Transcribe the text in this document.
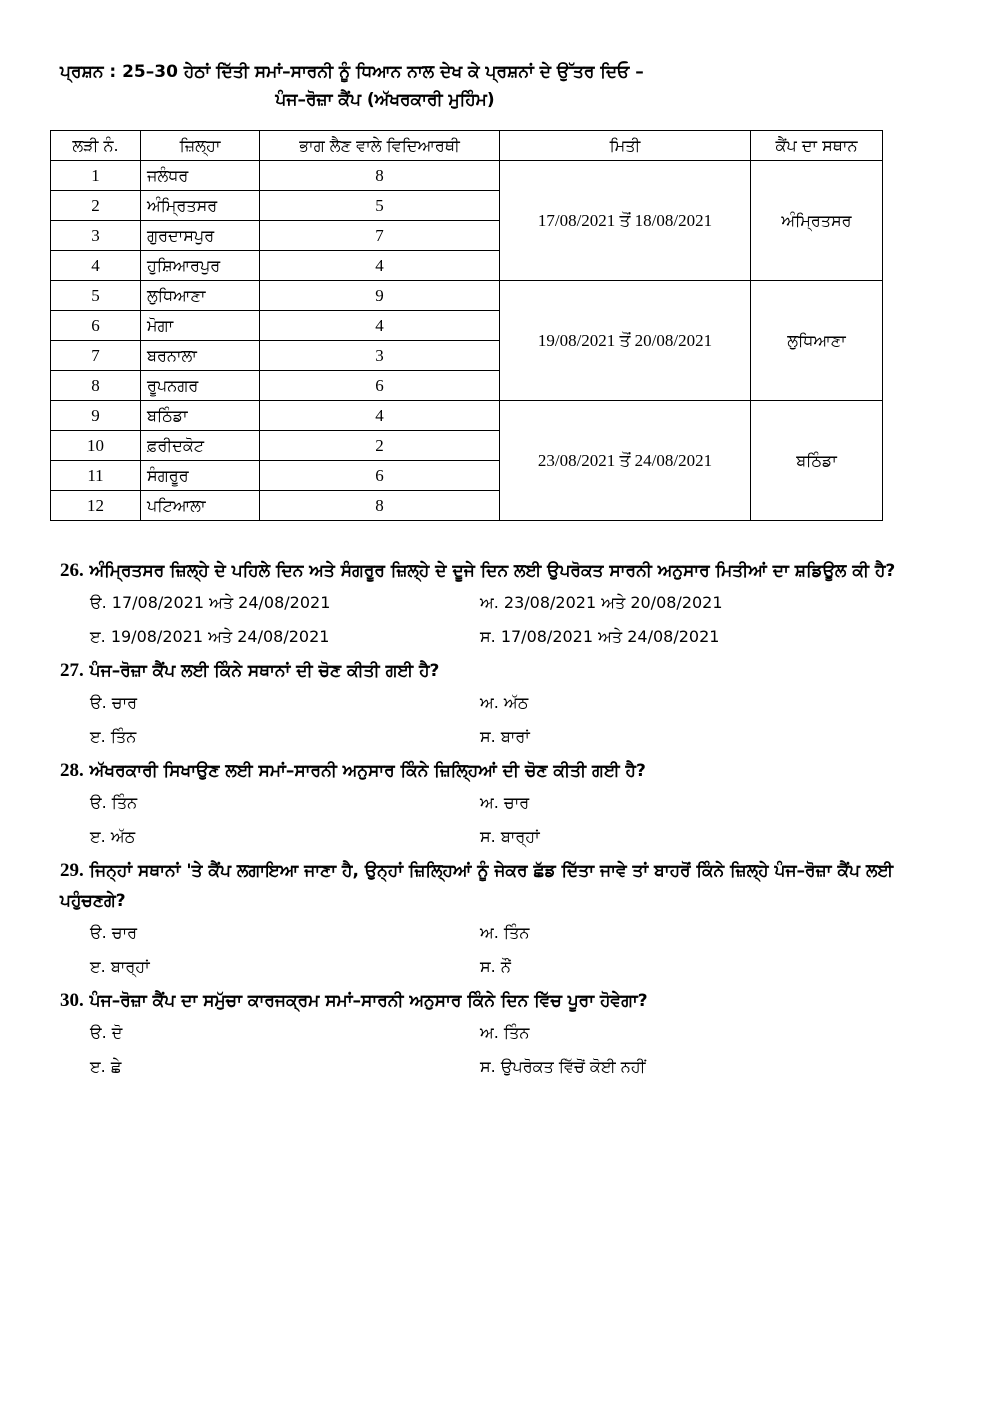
ਪ੍ਰਸ਼ਨ : 25–30 ਹੇਠਾਂ ਦਿੱਤੀ ਸਮਾਂ–ਸਾਰਨੀ ਨੂੰ ਧਿਆਨ ਨਾਲ ਦੇਖ ਕੇ ਪ੍ਰਸ਼ਨਾਂ ਦੇ ਉੱਤਰ ਦਿਓ –
ਪੰਜ–ਰੋਜ਼ਾ ਕੈਂਪ (ਅੱਖਰਕਾਰੀ ਮੁਹਿੰਮ)
ਲੜੀ ਨੰ.	ਜ਼ਿਲ੍ਹਾ	ਭਾਗ ਲੈਣ ਵਾਲੇ ਵਿਦਿਆਰਥੀ	ਮਿਤੀ	ਕੈਂਪ ਦਾ ਸਥਾਨ
1	ਜਲੰਧਰ	8	17/08/2021 ਤੋਂ 18/08/2021	ਅੰਮ੍ਰਿਤਸਰ
2	ਅੰਮ੍ਰਿਤਸਰ	5		
3	ਗੁਰਦਾਸਪੁਰ	7		
4	ਹੁਸ਼ਿਆਰਪੁਰ	4		
5	ਲੁਧਿਆਣਾ	9	19/08/2021 ਤੋਂ 20/08/2021	ਲੁਧਿਆਣਾ
6	ਮੋਗਾ	4		
7	ਬਰਨਾਲਾ	3		
8	ਰੂਪਨਗਰ	6		
9	ਬਠਿੰਡਾ	4	23/08/2021 ਤੋਂ 24/08/2021	ਬਠਿੰਡਾ
10	ਫ਼ਰੀਦਕੋਟ	2		
11	ਸੰਗਰੂਰ	6		
12	ਪਟਿਆਲਾ	8		
26. ਅੰਮ੍ਰਿਤਸਰ ਜ਼ਿਲ੍ਹੇ ਦੇ ਪਹਿਲੇ ਦਿਨ ਅਤੇ ਸੰਗਰੂਰ ਜ਼ਿਲ੍ਹੇ ਦੇ ਦੂਜੇ ਦਿਨ ਲਈ ਉਪਰੋਕਤ ਸਾਰਨੀ ਅਨੁਸਾਰ ਮਿਤੀਆਂ ਦਾ ਸ਼ਡਿਊਲ ਕੀ ਹੈ?
ੳ. 17/08/2021 ਅਤੇ 24/08/2021	ਅ. 23/08/2021 ਅਤੇ 20/08/2021
ੲ. 19/08/2021 ਅਤੇ 24/08/2021	ਸ. 17/08/2021 ਅਤੇ 24/08/2021
27. ਪੰਜ–ਰੋਜ਼ਾ ਕੈਂਪ ਲਈ ਕਿੰਨੇ ਸਥਾਨਾਂ ਦੀ ਚੋਣ ਕੀਤੀ ਗਈ ਹੈ?
ੳ. ਚਾਰ	ਅ. ਅੱਠ
ੲ. ਤਿੰਨ	ਸ. ਬਾਰਾਂ
28. ਅੱਖਰਕਾਰੀ ਸਿਖਾਉਣ ਲਈ ਸਮਾਂ–ਸਾਰਨੀ ਅਨੁਸਾਰ ਕਿੰਨੇ ਜ਼ਿਲ੍ਹਿਆਂ ਦੀ ਚੋਣ ਕੀਤੀ ਗਈ ਹੈ?
ੳ. ਤਿੰਨ	ਅ. ਚਾਰ
ੲ. ਅੱਠ	ਸ. ਬਾਰ੍ਹਾਂ
29. ਜਿਨ੍ਹਾਂ ਸਥਾਨਾਂ 'ਤੇ ਕੈਂਪ ਲਗਾਇਆ ਜਾਣਾ ਹੈ, ਉਨ੍ਹਾਂ ਜ਼ਿਲ੍ਹਿਆਂ ਨੂੰ ਜੇਕਰ ਛੱਡ ਦਿੱਤਾ ਜਾਵੇ ਤਾਂ ਬਾਹਰੋਂ ਕਿੰਨੇ ਜ਼ਿਲ੍ਹੇ ਪੰਜ–ਰੋਜ਼ਾ ਕੈਂਪ ਲਈ ਪਹੁੰਚਣਗੇ?
ੳ. ਚਾਰ	ਅ. ਤਿੰਨ
ੲ. ਬਾਰ੍ਹਾਂ	ਸ. ਨੌਂ
30. ਪੰਜ–ਰੋਜ਼ਾ ਕੈਂਪ ਦਾ ਸਮੁੱਚਾ ਕਾਰਜਕ੍ਰਮ ਸਮਾਂ–ਸਾਰਨੀ ਅਨੁਸਾਰ ਕਿੰਨੇ ਦਿਨ ਵਿੱਚ ਪੂਰਾ ਹੋਵੇਗਾ?
ੳ. ਦੋ	ਅ. ਤਿੰਨ
ੲ. ਛੇ	ਸ. ਉਪਰੋਕਤ ਵਿੱਚੋਂ ਕੋਈ ਨਹੀਂ
